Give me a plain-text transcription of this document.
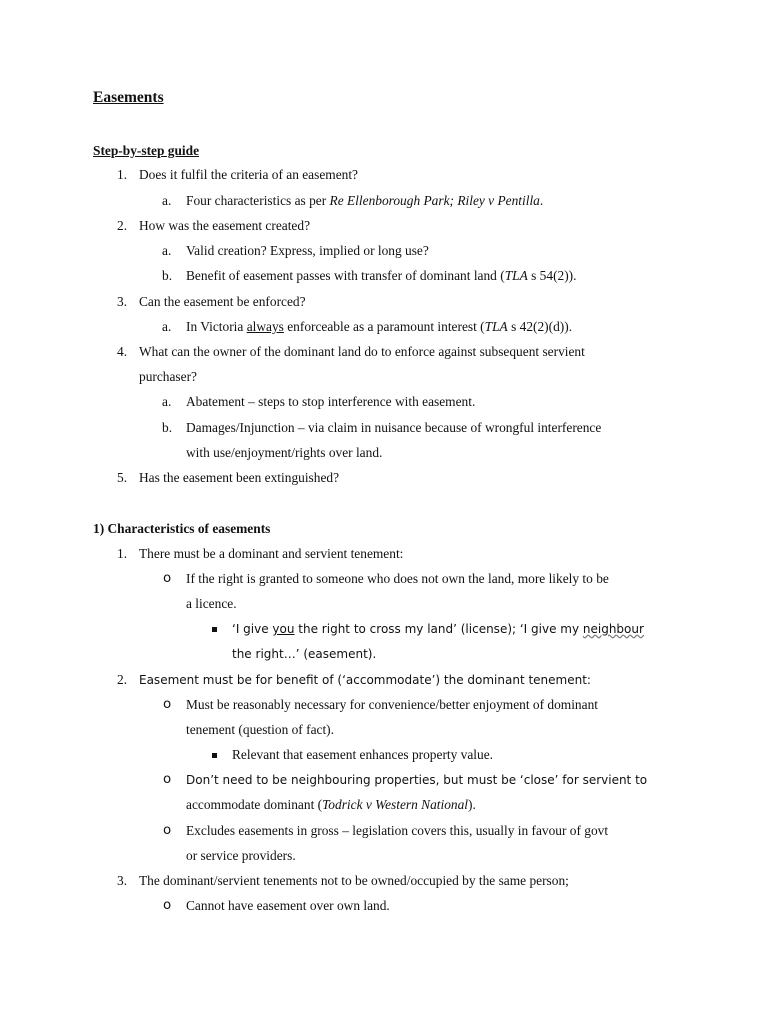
Easements
Step-by-step guide
1. Does it fulfil the criteria of an easement?
a. Four characteristics as per Re Ellenborough Park; Riley v Pentilla.
2. How was the easement created?
a. Valid creation? Express, implied or long use?
b. Benefit of easement passes with transfer of dominant land (TLA s 54(2)).
3. Can the easement be enforced?
a. In Victoria always enforceable as a paramount interest (TLA s 42(2)(d)).
4. What can the owner of the dominant land do to enforce against subsequent servient
purchaser?
a. Abatement – steps to stop interference with easement.
b. Damages/Injunction – via claim in nuisance because of wrongful interference
with use/enjoyment/rights over land.
5. Has the easement been extinguished?
1) Characteristics of easements
1. There must be a dominant and servient tenement:
o If the right is granted to someone who does not own the land, more likely to be
a licence.
‘I give you the right to cross my land’ (license); ‘I give my neighbour
the right…’ (easement).
2. Easement must be for benefit of (‘accommodate’) the dominant tenement:
o Must be reasonably necessary for convenience/better enjoyment of dominant
tenement (question of fact).
Relevant that easement enhances property value.
o Don’t need to be neighbouring properties, but must be ‘close’ for servient to
accommodate dominant (Todrick v Western National).
o Excludes easements in gross – legislation covers this, usually in favour of govt
or service providers.
3. The dominant/servient tenements not to be owned/occupied by the same person;
o Cannot have easement over own land.
